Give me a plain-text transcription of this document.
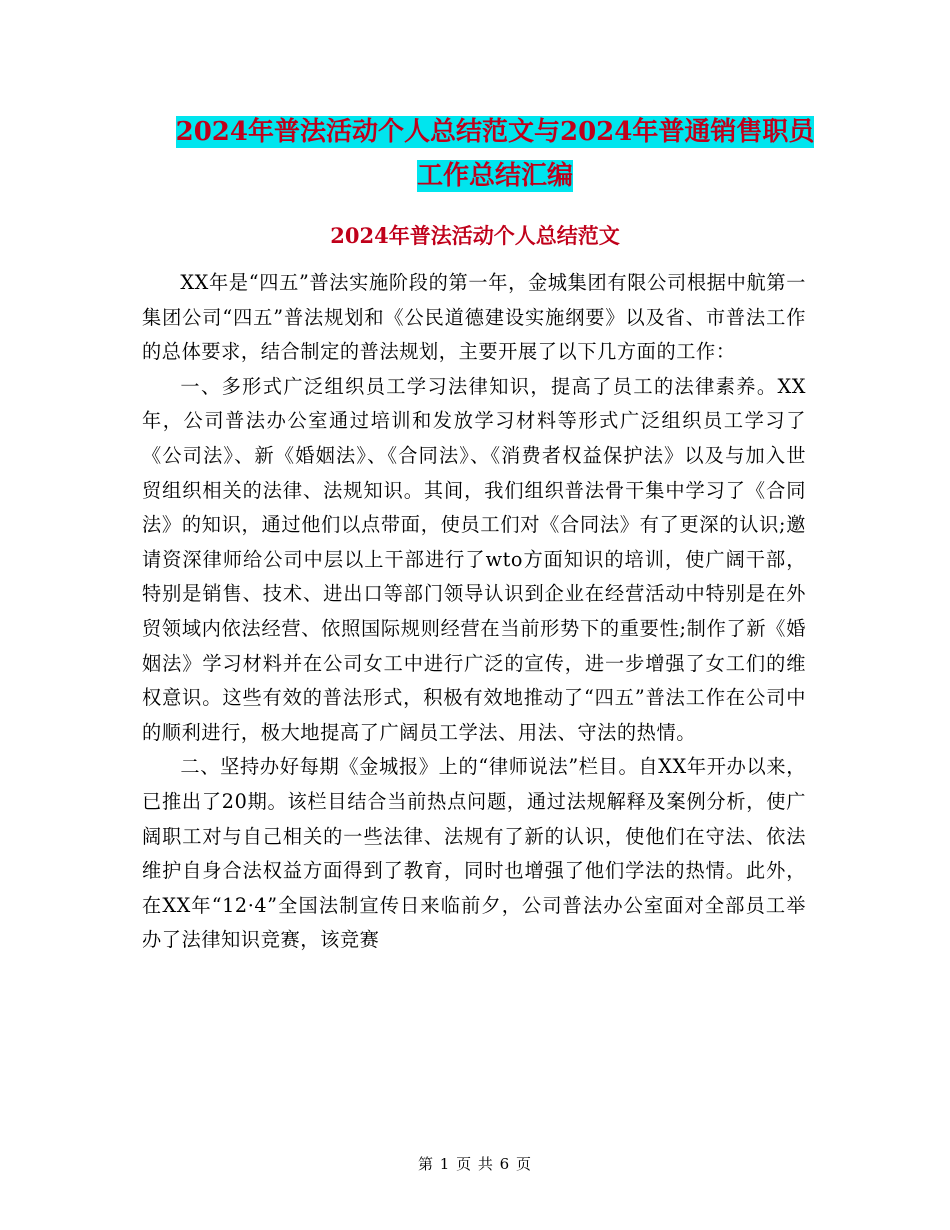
2024年普法活动个人总结范文与2024年普通销售职员
工作总结汇编
2024年普法活动个人总结范文

XX年是“四五”普法实施阶段的第一年，金城集团有限公司根据中航第一集团公司“四五”普法规划和《公民道德建设实施纲要》以及省、市普法工作的总体要求，结合制定的普法规划，主要开展了以下几方面的工作：

一、多形式广泛组织员工学习法律知识，提高了员工的法律素养。XX年，公司普法办公室通过培训和发放学习材料等形式广泛组织员工学习了《公司法》、新《婚姻法》、《合同法》、《消费者权益保护法》以及与加入世贸组织相关的法律、法规知识。其间，我们组织普法骨干集中学习了《合同法》的知识，通过他们以点带面，使员工们对《合同法》有了更深的认识;邀请资深律师给公司中层以上干部进行了wto方面知识的培训，使广阔干部，特别是销售、技术、进出口等部门领导认识到企业在经营活动中特别是在外贸领域内依法经营、依照国际规则经营在当前形势下的重要性;制作了新《婚姻法》学习材料并在公司女工中进行广泛的宣传，进一步增强了女工们的维权意识。这些有效的普法形式，积极有效地推动了“四五”普法工作在公司中的顺利进行，极大地提高了广阔员工学法、用法、守法的热情。

二、坚持办好每期《金城报》上的“律师说法”栏目。自XX年开办以来，已推出了20期。该栏目结合当前热点问题，通过法规解释及案例分析，使广阔职工对与自己相关的一些法律、法规有了新的认识，使他们在守法、依法维护自身合法权益方面得到了教育，同时也增强了他们学法的热情。此外，在XX年“12·4”全国法制宣传日来临前夕，公司普法办公室面对全部员工举办了法律知识竞赛，该竞赛

第 1 页 共 6 页
